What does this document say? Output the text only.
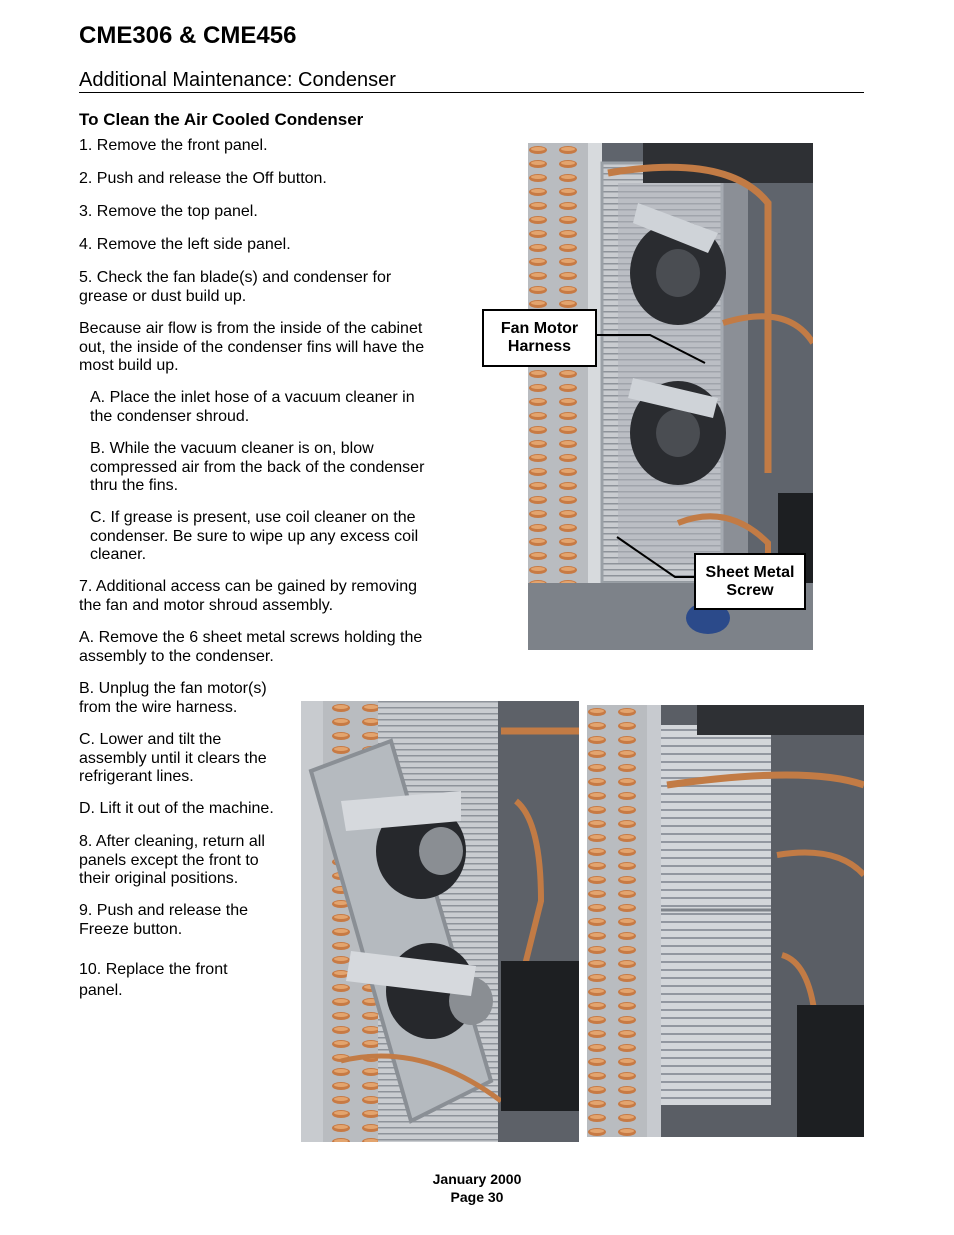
CME306 & CME456
Additional Maintenance: Condenser
To Clean the Air Cooled Condenser
1. Remove the front panel.
2. Push and release the Off button.
3. Remove the top panel.
4. Remove the left side panel.
5. Check the fan blade(s) and condenser for
grease or dust build up.
Because air flow is from the inside of the cabinet
out, the inside of the condenser fins will have the
most build up.
A. Place the inlet hose of a vacuum cleaner in
the condenser shroud.
B. While the vacuum cleaner is on, blow
compressed air from the back of the condenser
thru the fins.
C. If grease is present, use coil cleaner on the
condenser. Be sure to wipe up any excess coil
cleaner.
7. Additional access can be gained by removing
the fan and motor shroud assembly.
A. Remove the 6 sheet metal screws holding the
assembly to the condenser.
B. Unplug the fan motor(s)
from the wire harness.
C. Lower and tilt the
assembly until it clears the
refrigerant lines.
D. Lift it out of the machine.
8. After cleaning, return all
panels except the front to
their original positions.
9. Push and release the
Freeze button.
10. Replace the front
panel.
Fan Motor
Harness
Sheet Metal
Screw
January 2000
Page 30
